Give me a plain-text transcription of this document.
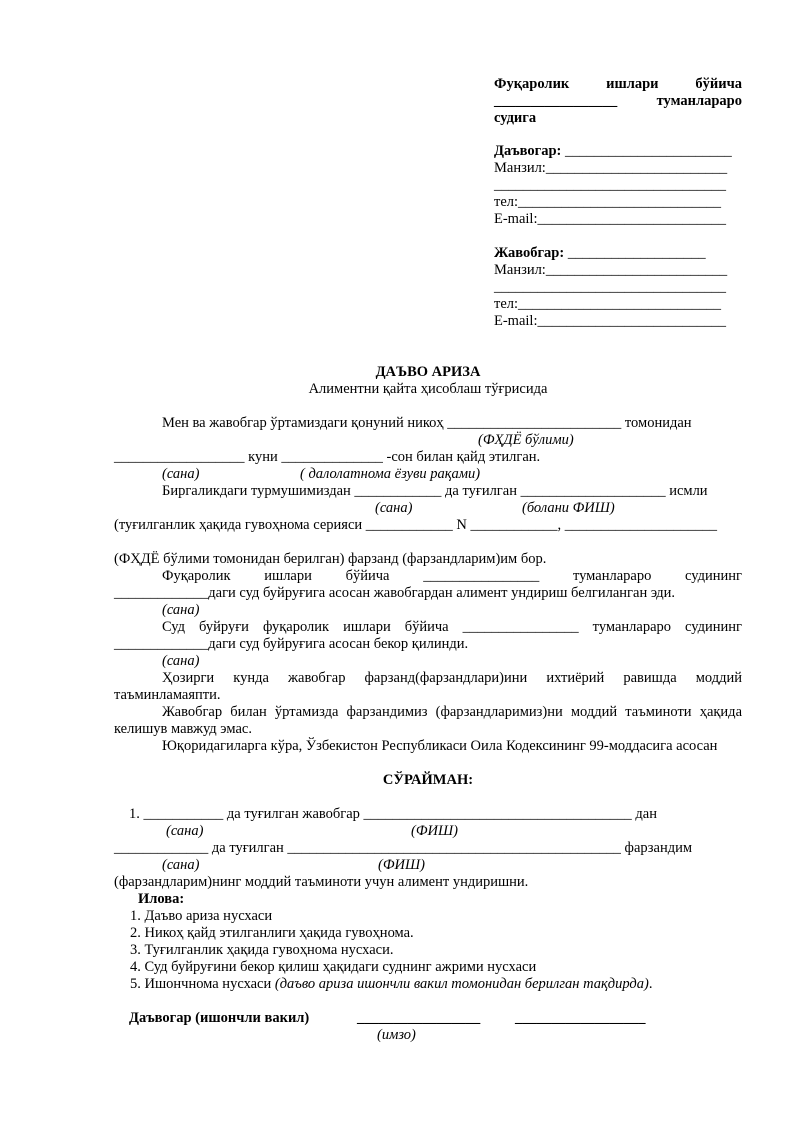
Фуқаролик ишлари бўйича
_________________ туманлараро
судига
Даъвогар: _______________________
Манзил:_________________________
________________________________
тел:____________________________
E-mail:__________________________
Жавобгар: ___________________
Манзил:_________________________
________________________________
тел:____________________________
E-mail:__________________________
ДАЪВО АРИЗА
Алиментни қайта ҳисоблаш тўғрисида
Мен ва жавобгар ўртамиздаги қонуний никоҳ ________________________ томонидан
(ФҲДЁ бўлими)
__________________ куни ______________ -сон билан қайд этилган.
(сана)	( далолатнома ёзуви рақами)
Биргаликдаги турмушимиздан ____________ да туғилган ____________________ исмли
(сана)	(болани ФИШ)
(туғилганлик ҳақида гувоҳнома серияси ____________ N ____________, _____________________
(ФҲДЁ бўлими томонидан берилган) фарзанд (фарзандларим)им бор.
Фуқаролик ишлари бўйича ________________ туманлараро судининг
_____________даги суд буйруғига асосан жавобгардан алимент ундириш белгиланган эди.
(сана)
Суд буйруғи фуқаролик ишлари бўйича ________________ туманлараро судининг
_____________даги суд буйруғига асосан бекор қилинди.
(сана)
Ҳозирги кунда жавобгар фарзанд(фарзандлари)ини ихтиёрий равишда моддий
таъминламаяпти.
Жавобгар билан ўртамизда фарзандимиз (фарзандларимиз)ни моддий таъминоти ҳақида
келишув мавжуд эмас.
Юқоридагиларга кўра, Ўзбекистон Республикаси Оила Кодексининг 99-моддасига асосан
СЎРАЙМАН:
1. ___________ да туғилган жавобгар _____________________________________ дан
(сана)	(ФИШ)
_____________ да туғилган ______________________________________________ фарзандим
(сана)	(ФИШ)
(фарзандларим)нинг моддий таъминоти учун алимент ундиришни.
Илова:
1. Даъво ариза нусхаси
2. Никоҳ қайд этилганлиги ҳақида гувоҳнома.
3. Туғилганлик ҳақида гувоҳнома нусхаси.
4. Суд буйруғини бекор қилиш ҳақидаги суднинг ажрими нусхаси
5. Ишончнома нусхаси (даъво ариза ишончли вакил томонидан берилган тақдирда).
Даъвогар (ишончли вакил)	_________________ __________________
(имзо)
